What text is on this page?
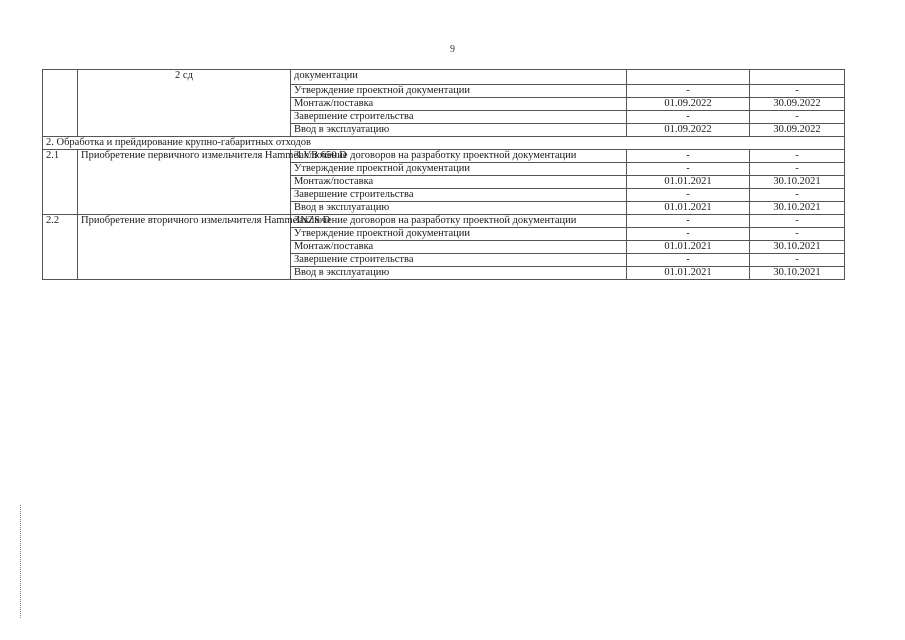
9
	2 сд	документации		
		Утверждение проектной документации	-	-
		Монтаж/поставка	01.09.2022	30.09.2022
		Завершение строительства	-	-
		Ввод в эксплуатацию	01.09.2022	30.09.2022
2. Обработка и прейдирование крупно-габаритных отходов				
2.1	Приобретение первичного измельчителя Hammel VB 650 D	Заключение договоров на разработку проектной документации	-	-
		Утверждение проектной документации	-	-
		Монтаж/поставка	01.01.2021	30.10.2021
		Завершение строительства	-	-
		Ввод в эксплуатацию	01.01.2021	30.10.2021
2.2	Приобретение вторичного измельчителя HammelNZS D	Заключение договоров на разработку проектной документации	-	-
		Утверждение проектной документации	-	-
		Монтаж/поставка	01.01.2021	30.10.2021
		Завершение строительства	-	-
		Ввод в эксплуатацию	01.01.2021	30.10.2021
